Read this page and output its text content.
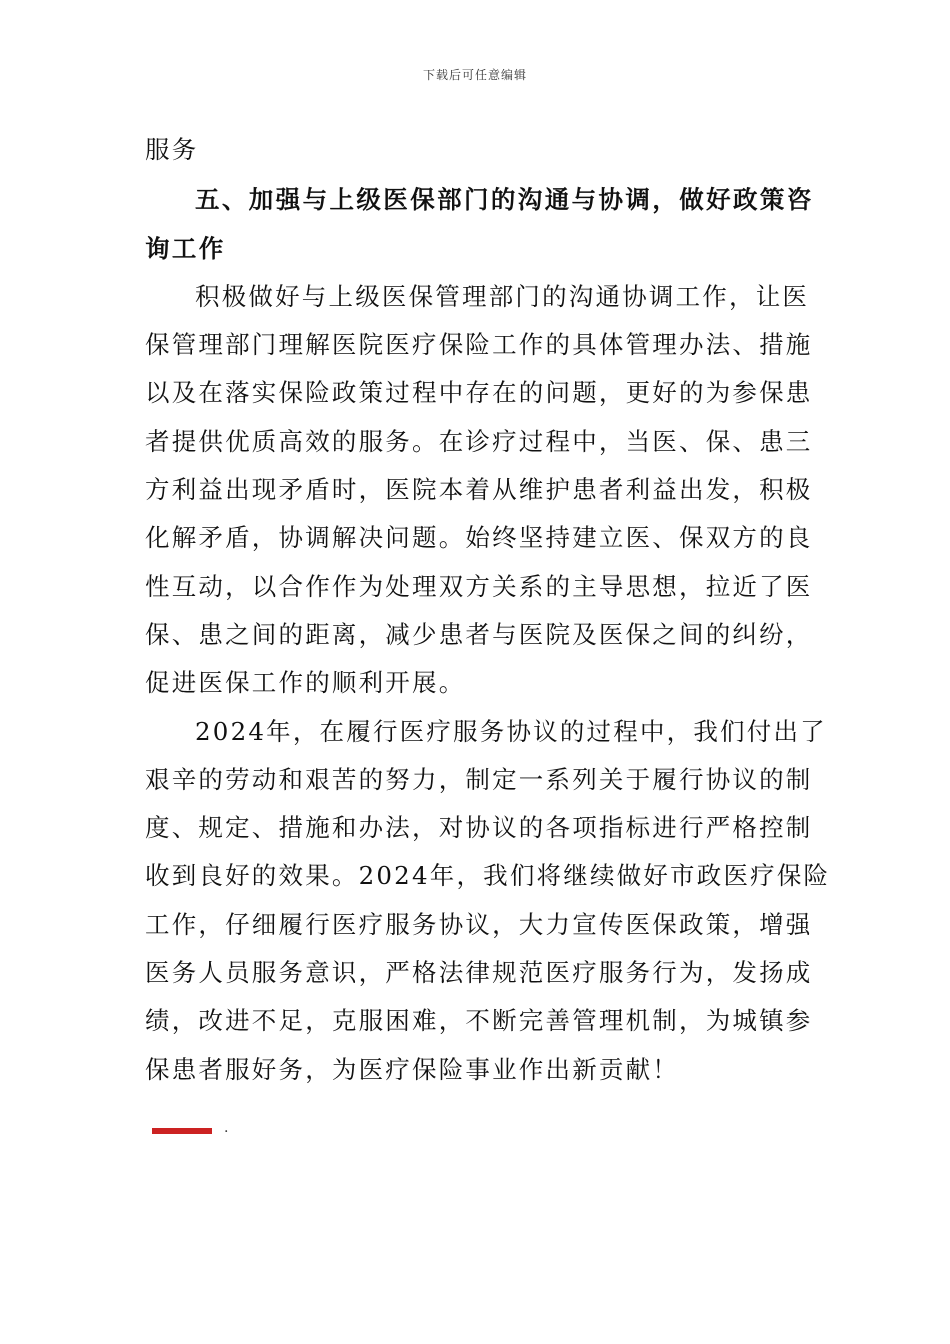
下载后可任意编辑
服务
五、加强与上级医保部门的沟通与协调，做好政策咨
询工作
积极做好与上级医保管理部门的沟通协调工作，让医
保管理部门理解医院医疗保险工作的具体管理办法、措施
以及在落实保险政策过程中存在的问题，更好的为参保患
者提供优质高效的服务。在诊疗过程中，当医、保、患三
方利益出现矛盾时，医院本着从维护患者利益出发，积极
化解矛盾，协调解决问题。始终坚持建立医、保双方的良
性互动，以合作作为处理双方关系的主导思想，拉近了医
保、患之间的距离，减少患者与医院及医保之间的纠纷，
促进医保工作的顺利开展。
2024年，在履行医疗服务协议的过程中，我们付出了
艰辛的劳动和艰苦的努力，制定一系列关于履行协议的制
度、规定、措施和办法，对协议的各项指标进行严格控制
收到良好的效果。2024年，我们将继续做好市政医疗保险
工作，仔细履行医疗服务协议，大力宣传医保政策，增强
医务人员服务意识，严格法律规范医疗服务行为，发扬成
绩，改进不足，克服困难，不断完善管理机制，为城镇参
保患者服好务，为医疗保险事业作出新贡献！
.
